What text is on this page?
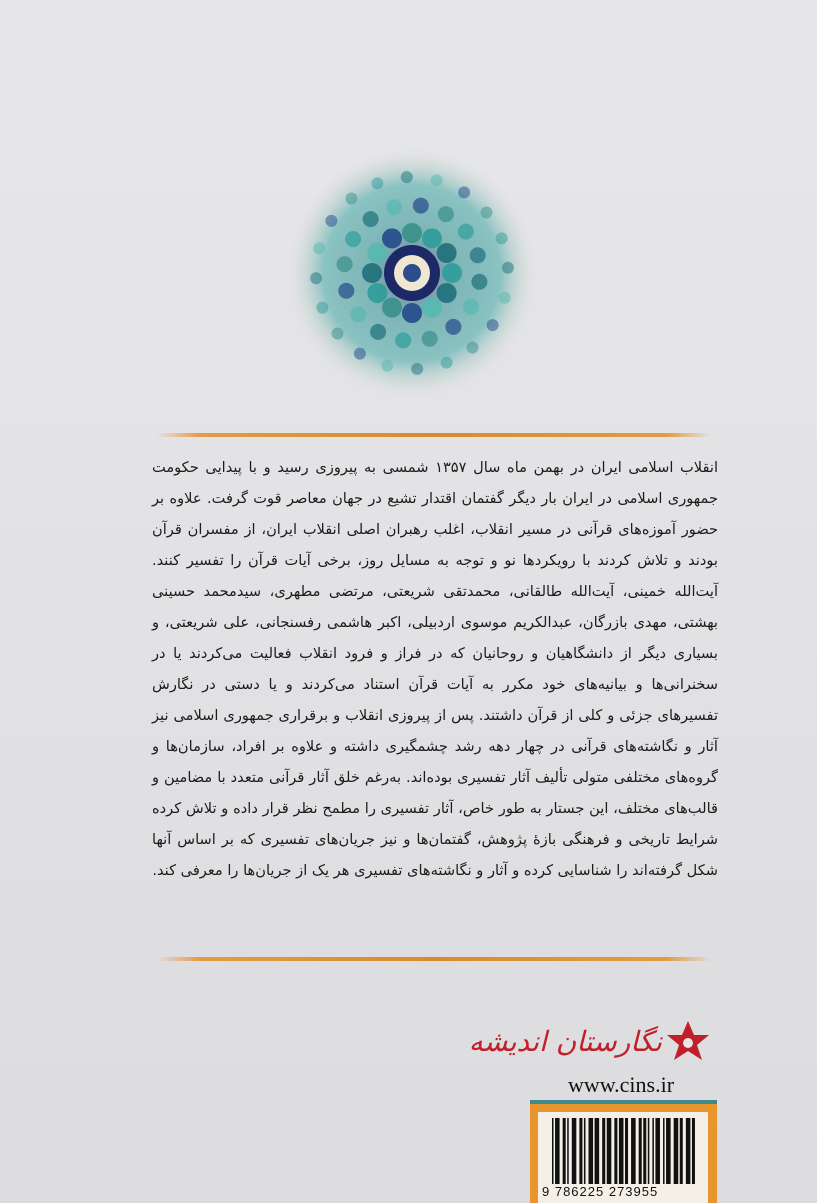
انقلاب اسلامی ایران در بهمن ماه سال ۱۳۵۷ شمسی به پیروزی رسید و با پیدایی حکومت جمهوری اسلامی در ایران بار دیگر گفتمان اقتدار تشیع در جهان معاصر قوت گرفت. علاوه بر حضور آموزه‌های قرآنی در مسیر انقلاب، اغلب رهبران اصلی انقلاب ایران، از مفسران قرآن بودند و تلاش کردند با رویکردها نو و توجه به مسایل روز، برخی آیات قرآن را تفسیر کنند. آیت‌الله خمینی، آیت‌الله طالقانی، محمدتقی شریعتی، مرتضی مطهری، سیدمحمد حسینی بهشتی، مهدی بازرگان، عبدالکریم موسوی اردبیلی، اکبر هاشمی رفسنجانی، علی شریعتی، و بسیاری دیگر از دانشگاهیان و روحانیان که در فراز و فرود انقلاب فعالیت می‌کردند یا در سخنرانی‌ها و بیانیه‌های خود مکرر به آیات قرآن استناد می‌کردند و یا دستی در نگارش تفسیرهای جزئی و کلی از قرآن داشتند. پس از پیروزی انقلاب و برقراری جمهوری اسلامی نیز آثار و نگاشته‌های قرآنی در چهار دهه رشد چشمگیری داشته و علاوه بر افراد، سازمان‌ها و گروه‌های مختلفی متولی تألیف آثار تفسیری بوده‌اند. به‌رغم خلق آثار قرآنی متعدد با مضامین و قالب‌های مختلف، این جستار به طور خاص، آثار تفسیری را مطمح نظر قرار داده و تلاش کرده شرایط تاریخی و فرهنگی بازهٔ پژوهش، گفتمان‌ها و نیز جریان‌های تفسیری که بر اساس آنها شکل گرفته‌اند را شناسایی کرده و آثار و نگاشته‌های تفسیری هر یک از جریان‌ها را معرفی کند.

نگارستان اندیشه
www.cins.ir
9 786225 273955
